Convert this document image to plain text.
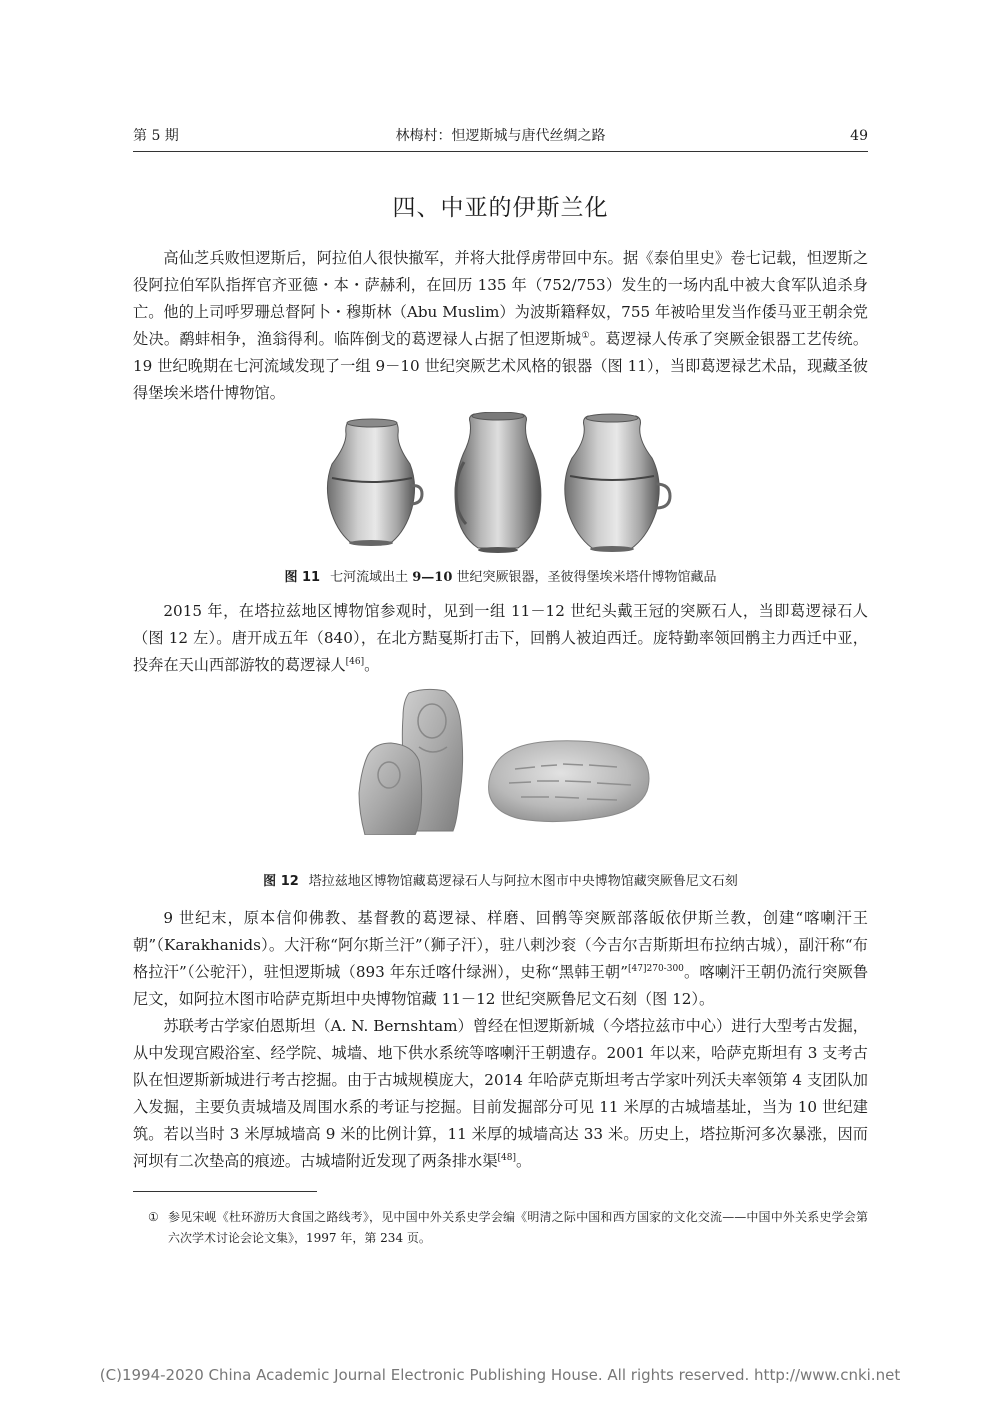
第 5 期	林梅村：怛逻斯城与唐代丝绸之路	49
四、中亚的伊斯兰化

高仙芝兵败怛逻斯后，阿拉伯人很快撤军，并将大批俘虏带回中东。据《泰伯里史》卷七记载，怛逻斯之役阿拉伯军队指挥官齐亚德・本・萨赫利，在回历 135 年（752/753）发生的一场内乱中被大食军队追杀身亡。他的上司呼罗珊总督阿卜・穆斯林（Abu Muslim）为波斯籍释奴，755 年被哈里发当作倭马亚王朝余党处决。鹬蚌相争，渔翁得利。临阵倒戈的葛逻禄人占据了怛逻斯城①。葛逻禄人传承了突厥金银器工艺传统。19 世纪晚期在七河流域发现了一组 9－10 世纪突厥艺术风格的银器（图 11），当即葛逻禄艺术品，现藏圣彼得堡埃米塔什博物馆。

图 11 七河流域出土 9—10 世纪突厥银器，圣彼得堡埃米塔什博物馆藏品

2015 年，在塔拉兹地区博物馆参观时，见到一组 11－12 世纪头戴王冠的突厥石人，当即葛逻禄石人（图 12 左）。唐开成五年（840），在北方黠戛斯打击下，回鹘人被迫西迁。庞特勤率领回鹘主力西迁中亚，投奔在天山西部游牧的葛逻禄人[46]。

图 12 塔拉兹地区博物馆藏葛逻禄石人与阿拉木图市中央博物馆藏突厥鲁尼文石刻

9 世纪末，原本信仰佛教、基督教的葛逻禄、样磨、回鹘等突厥部落皈依伊斯兰教，创建“喀喇汗王朝”（Karakhanids）。大汗称“阿尔斯兰汗”（狮子汗），驻八剌沙衮（今吉尔吉斯斯坦布拉纳古城），副汗称“布格拉汗”（公驼汗），驻怛逻斯城（893 年东迁喀什绿洲），史称“黑韩王朝”$^{[47]270-300}$。喀喇汗王朝仍流行突厥鲁尼文，如阿拉木图市哈萨克斯坦中央博物馆藏 11－12 世纪突厥鲁尼文石刻（图 12）。

苏联考古学家伯恩斯坦（A. N. Bernshtam）曾经在怛逻斯新城（今塔拉兹市中心）进行大型考古发掘，从中发现宫殿浴室、经学院、城墙、地下供水系统等喀喇汗王朝遗存。2001 年以来，哈萨克斯坦有 3 支考古队在怛逻斯新城进行考古挖掘。由于古城规模庞大，2014 年哈萨克斯坦考古学家叶列沃夫率领第 4 支团队加入发掘，主要负责城墙及周围水系的考证与挖掘。目前发掘部分可见 11 米厚的古城墙基址，当为 10 世纪建筑。若以当时 3 米厚城墙高 9 米的比例计算，11 米厚的城墙高达 33 米。历史上，塔拉斯河多次暴涨，因而河坝有二次垫高的痕迹。古城墙附近发现了两条排水渠[48]。

① 参见宋岘《杜环游历大食国之路线考》，见中国中外关系史学会编《明清之际中国和西方国家的文化交流——中国中外关系史学会第六次学术讨论会论文集》，1997 年，第 234 页。

(C)1994-2020 China Academic Journal Electronic Publishing House. All rights reserved. http://www.cnki.net
